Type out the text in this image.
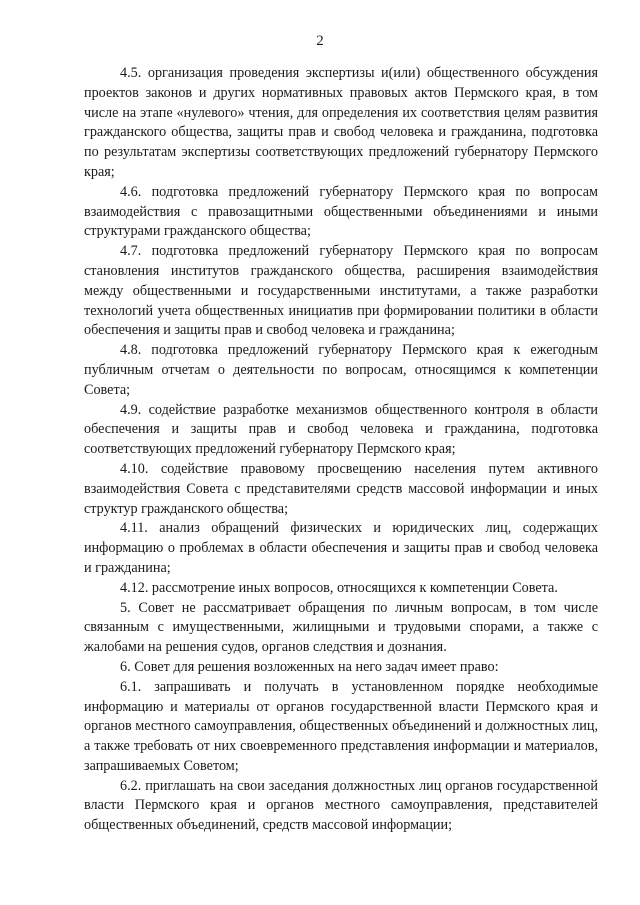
2

4.5. организация проведения экспертизы и(или) общественного обсуждения проектов законов и других нормативных правовых актов Пермского края, в том числе на этапе «нулевого» чтения, для определения их соответствия целям развития гражданского общества, защиты прав и свобод человека и гражданина, подготовка по результатам экспертизы соответствующих предложений губернатору Пермского края;

4.6. подготовка предложений губернатору Пермского края по вопросам взаимодействия с правозащитными общественными объединениями и иными структурами гражданского общества;

4.7. подготовка предложений губернатору Пермского края по вопросам становления институтов гражданского общества, расширения взаимодействия между общественными и государственными институтами, а также разработки технологий учета общественных инициатив при формировании политики в области обеспечения и защиты прав и свобод человека и гражданина;

4.8. подготовка предложений губернатору Пермского края к ежегодным публичным отчетам о деятельности по вопросам, относящимся к компетенции Совета;

4.9. содействие разработке механизмов общественного контроля в области обеспечения и защиты прав и свобод человека и гражданина, подготовка соответствующих предложений губернатору Пермского края;

4.10. содействие правовому просвещению населения путем активного взаимодействия Совета с представителями средств массовой информации и иных структур гражданского общества;

4.11. анализ обращений физических и юридических лиц, содержащих информацию о проблемах в области обеспечения и защиты прав и свобод человека и гражданина;

4.12. рассмотрение иных вопросов, относящихся к компетенции Совета.

5. Совет не рассматривает обращения по личным вопросам, в том числе связанным с имущественными, жилищными и трудовыми спорами, а также с жалобами на решения судов, органов следствия и дознания.

6. Совет для решения возложенных на него задач имеет право:

6.1. запрашивать и получать в установленном порядке необходимые информацию и материалы от органов государственной власти Пермского края и органов местного самоуправления, общественных объединений и должностных лиц, а также требовать от них своевременного представления информации и материалов, запрашиваемых Советом;

6.2. приглашать на свои заседания должностных лиц органов государственной власти Пермского края и органов местного самоуправления, представителей общественных объединений, средств массовой информации;
